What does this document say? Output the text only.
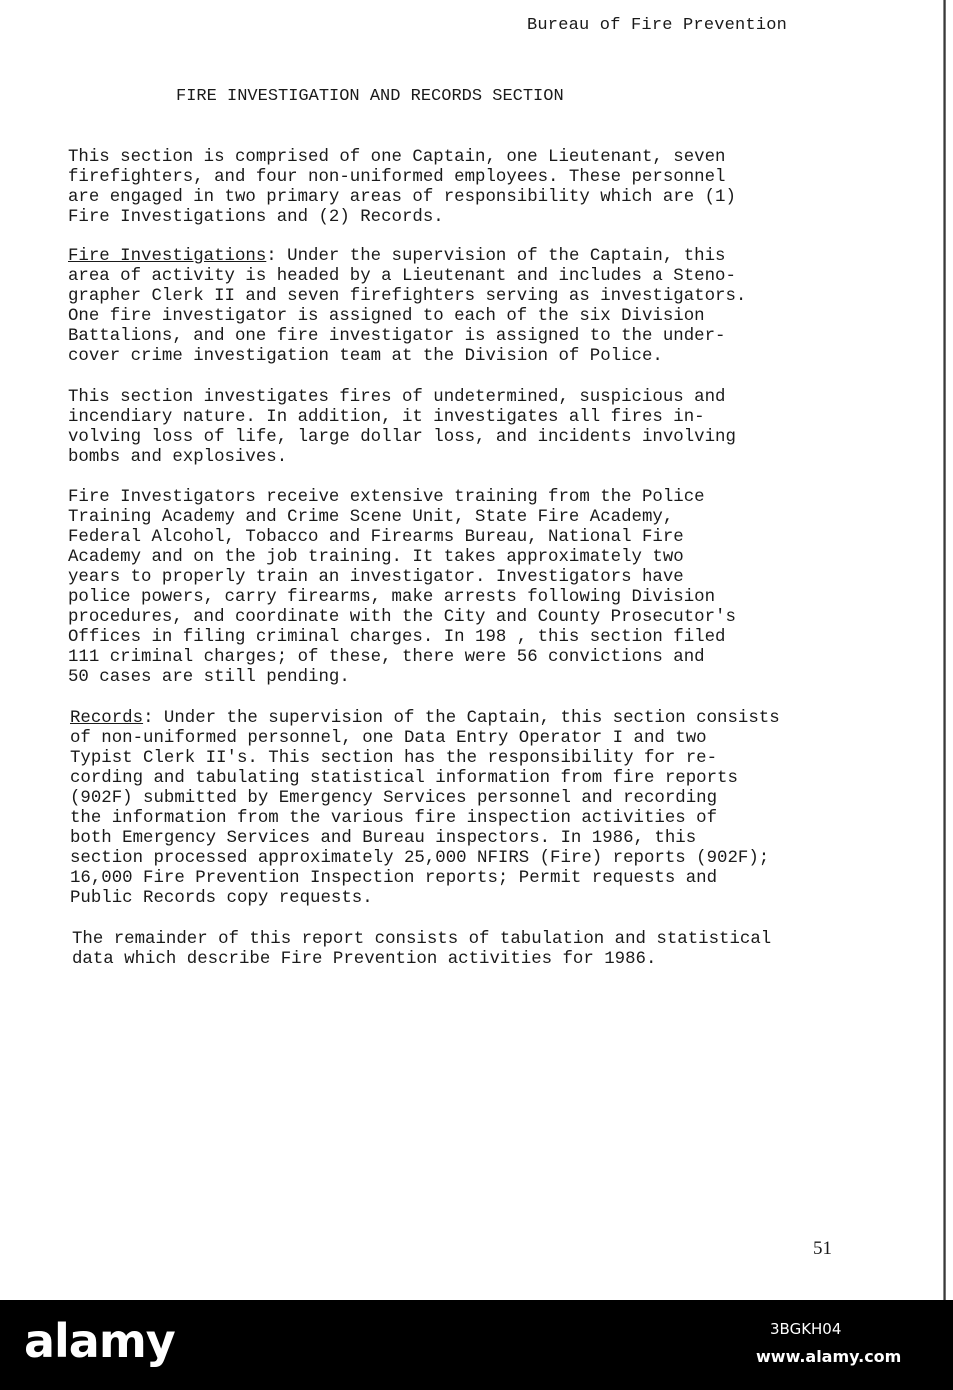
Bureau of Fire Prevention
FIRE INVESTIGATION AND RECORDS SECTION

This section is comprised of one Captain, one Lieutenant, seven
firefighters, and four non-uniformed employees. These personnel
are engaged in two primary areas of responsibility which are (1)
Fire Investigations and (2) Records.

Fire Investigations: Under the supervision of the Captain, this
area of activity is headed by a Lieutenant and includes a Steno-
grapher Clerk II and seven firefighters serving as investigators.
One fire investigator is assigned to each of the six Division
Battalions, and one fire investigator is assigned to the under-
cover crime investigation team at the Division of Police.

This section investigates fires of undetermined, suspicious and
incendiary nature. In addition, it investigates all fires in-
volving loss of life, large dollar loss, and incidents involving
bombs and explosives.

Fire Investigators receive extensive training from the Police
Training Academy and Crime Scene Unit, State Fire Academy,
Federal Alcohol, Tobacco and Firearms Bureau, National Fire
Academy and on the job training. It takes approximately two
years to properly train an investigator. Investigators have
police powers, carry firearms, make arrests following Division
procedures, and coordinate with the City and County Prosecutor's
Offices in filing criminal charges. In 198 , this section filed
111 criminal charges; of these, there were 56 convictions and
50 cases are still pending.

Records: Under the supervision of the Captain, this section consists
of non-uniformed personnel, one Data Entry Operator I and two
Typist Clerk II's. This section has the responsibility for re-
cording and tabulating statistical information from fire reports
(902F) submitted by Emergency Services personnel and recording
the information from the various fire inspection activities of
both Emergency Services and Bureau inspectors. In 1986, this
section processed approximately 25,000 NFIRS (Fire) reports (902F);
16,000 Fire Prevention Inspection reports; Permit requests and
Public Records copy requests.

The remainder of this report consists of tabulation and statistical
data which describe Fire Prevention activities for 1986.

51
alamy	3BGKH04
www.alamy.com
